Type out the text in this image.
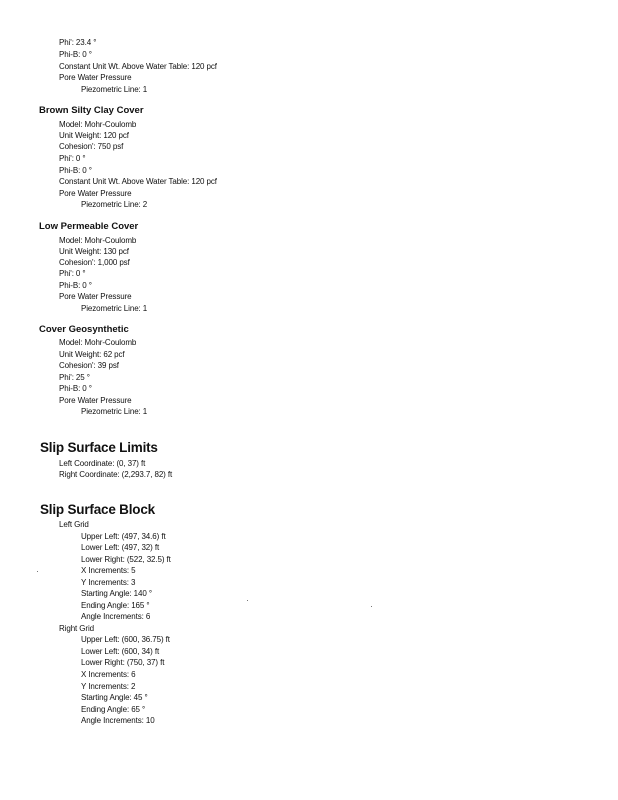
Phi': 23.4 °
Phi-B: 0 °
Constant Unit Wt. Above Water Table: 120 pcf
Pore Water Pressure
Piezometric Line: 1
Brown Silty Clay Cover
Model: Mohr-Coulomb
Unit Weight: 120 pcf
Cohesion': 750 psf
Phi': 0 °
Phi-B: 0 °
Constant Unit Wt. Above Water Table: 120 pcf
Pore Water Pressure
Piezometric Line: 2
Low Permeable Cover
Model: Mohr-Coulomb
Unit Weight: 130 pcf
Cohesion': 1,000 psf
Phi': 0 °
Phi-B: 0 °
Pore Water Pressure
Piezometric Line: 1
Cover Geosynthetic
Model: Mohr-Coulomb
Unit Weight: 62 pcf
Cohesion': 39 psf
Phi': 25 °
Phi-B: 0 °
Pore Water Pressure
Piezometric Line: 1
Slip Surface Limits
Left Coordinate: (0, 37) ft
Right Coordinate: (2,293.7, 82) ft
Slip Surface Block
Left Grid
Upper Left: (497, 34.6) ft
Lower Left: (497, 32) ft
Lower Right: (522, 32.5) ft
X Increments: 5
Y Increments: 3
Starting Angle: 140 °
Ending Angle: 165 °
Angle Increments: 6
Right Grid
Upper Left: (600, 36.75) ft
Lower Left: (600, 34) ft
Lower Right: (750, 37) ft
X Increments: 6
Y Increments: 2
Starting Angle: 45 °
Ending Angle: 65 °
Angle Increments: 10
